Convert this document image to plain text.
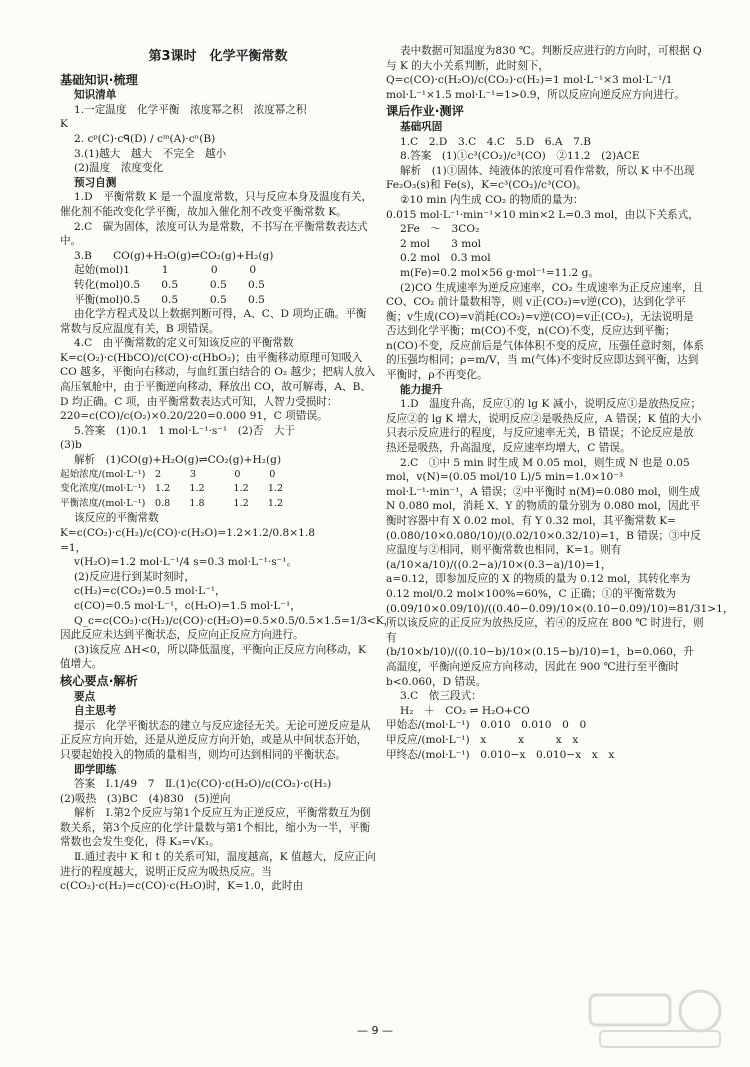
第3课时　化学平衡常数
基础知识·梳理
知识清单
1.一定温度　化学平衡　浓度幂之积　浓度幂之积
K
2. cᵖ(C)·cᑫ(D) / cᵐ(A)·cⁿ(B)
3.(1)越大　越大　不完全　越小
(2)温度　浓度变化
预习自测
1.D　平衡常数 K 是一个温度常数，只与反应本身及温度有关，催化剂不能改变化学平衡，故加入催化剂不改变平衡常数 K。
2.C　碳为固体，浓度可认为是常数，不书写在平衡常数表达式中。
3.B　　CO(g)+H₂O(g)⇌CO₂(g)+H₂(g)
起始(mol)1　　　1　　　　0　　　0
转化(mol)0.5　　0.5　　　0.5　　0.5
平衡(mol)0.5　　0.5　　　0.5　　0.5
由化学方程式及以上数据判断可得，A、C、D 项均正确。平衡常数与反应温度有关，B 项错误。
4.C　由平衡常数的定义可知该反应的平衡常数 K=c(O₂)·c(HbCO)/c(CO)·c(HbO₂)；由平衡移动原理可知吸入 CO 越多，平衡向右移动，与血红蛋白结合的 O₂ 越少；把病人放入高压氧舱中，由于平衡逆向移动，释放出 CO，故可解毒，A、B、D 均正确。C 项，由平衡常数表达式可知，人智力受损时：220=c(CO)/c(O₂)×0.20/220=0.000 91，C 项错误。
5.答案　(1)0.1　1 mol·L⁻¹·s⁻¹　(2)否　大于
(3)b
解析　(1)CO(g)+H₂O(g)⇌CO₂(g)+H₂(g)
起始浓度/(mol·L⁻¹)　2　　　3　　　　0　　　0
变化浓度/(mol·L⁻¹)　1.2　　1.2　　　1.2　　1.2
平衡浓度/(mol·L⁻¹)　0.8　　1.8　　　1.2　　1.2
该反应的平衡常数 K=c(CO₂)·c(H₂)/c(CO)·c(H₂O)=1.2×1.2/0.8×1.8
=1，
v(H₂O)=1.2 mol·L⁻¹/4 s=0.3 mol·L⁻¹·s⁻¹。
(2)反应进行到某时刻时，
c(H₂)=c(CO₂)=0.5 mol·L⁻¹，
c(CO)=0.5 mol·L⁻¹，c(H₂O)=1.5 mol·L⁻¹，
Q_c=c(CO₂)·c(H₂)/c(CO)·c(H₂O)=0.5×0.5/0.5×1.5=1/3<K，因此反应未达到平衡状态，反应向正反应方向进行。
(3)该反应 ΔH<0，所以降低温度，平衡向正反应方向移动，K 值增大。
核心要点·解析
要点
自主思考
提示　化学平衡状态的建立与反应途径无关。无论可逆反应是从正反应方向开始，还是从逆反应方向开始，或是从中间状态开始，只要起始投入的物质的量相当，则均可达到相同的平衡状态。
即学即练
答案　Ⅰ.1/49　7　Ⅱ.(1)c(CO)·c(H₂O)/c(CO₂)·c(H₂)
(2)吸热　(3)BC　(4)830　(5)逆向
解析　Ⅰ.第2个反应与第1个反应互为正逆反应，平衡常数互为倒数关系，第3个反应的化学计量数与第1个相比，缩小为一半，平衡常数也会发生变化，得 K₃=√K₁。
Ⅱ.通过表中 K 和 t 的关系可知，温度越高，K 值越大，反应正向进行的程度越大，说明正反应为吸热反应。当 c(CO₂)·c(H₂)=c(CO)·c(H₂O)时，K=1.0，此时由
表中数据可知温度为830 ℃。判断反应进行的方向时，可根据 Q 与 K 的大小关系判断，此时刻下，Q=c(CO)·c(H₂O)/c(CO₂)·c(H₂)=1 mol·L⁻¹×3 mol·L⁻¹/1 mol·L⁻¹×1.5 mol·L⁻¹=1>0.9，所以反应向逆反应方向进行。
课后作业·测评
基础巩固
1.C　2.D　3.C　4.C　5.D　6.A　7.B
8.答案　(1)①c³(CO₂)/c³(CO)　②11.2　(2)ACE
解析　(1)①固体、纯液体的浓度可看作常数，所以 K 中不出现 Fe₂O₃(s)和 Fe(s)，K=c³(CO₂)/c³(CO)。
②10 min 内生成 CO₂ 的物质的量为：
0.015 mol·L⁻¹·min⁻¹×10 min×2 L=0.3 mol，由以下关系式，
2Fe　～　3CO₂
2 mol　　3 mol
0.2 mol　0.3 mol
m(Fe)=0.2 mol×56 g·mol⁻¹=11.2 g。
(2)CO 生成速率为逆反应速率，CO₂ 生成速率为正反应速率，且 CO、CO₂ 前计量数相等，则 v正(CO₂)=v逆(CO)，达到化学平衡；v生成(CO)=v消耗(CO₂)=v逆(CO)=v正(CO₂)，无法说明是否达到化学平衡；m(CO)不变，n(CO)不变，反应达到平衡；n(CO)不变，反应前后是气体体积不变的反应，压强任意时刻，体系的压强均相同；ρ=m/V，当 m(气体)不变时反应即达到平衡，达到平衡时，ρ不再变化。
能力提升
1.D　温度升高，反应①的 lg K 减小，说明反应①是放热反应；反应②的 lg K 增大，说明反应②是吸热反应，A 错误；K 值的大小只表示反应进行的程度，与反应速率无关，B 错误；不论反应是放热还是吸热，升高温度，反应速率均增大，C 错误。
2.C　①中 5 min 时生成 M 0.05 mol，则生成 N 也是 0.05 mol，v(N)=(0.05 mol/10 L)/5 min=1.0×10⁻³ mol·L⁻¹·min⁻¹，A 错误；②中平衡时 n(M)=0.080 mol，则生成 N 0.080 mol，消耗 X、Y 的物质的量分别为 0.080 mol，因此平衡时容器中有 X 0.02 mol、有 Y 0.32 mol，其平衡常数 K=(0.080/10×0.080/10)/(0.02/10×0.32/10)=1，B 错误；③中反应温度与②相同，则平衡常数也相同，K=1。则有 (a/10×a/10)/((0.2−a)/10×(0.3−a)/10)=1，
a=0.12，即参加反应的 X 的物质的量为 0.12 mol，其转化率为 0.12 mol/0.2 mol×100%=60%，C 正确；①的平衡常数为
(0.09/10×0.09/10)/((0.40−0.09)/10×(0.10−0.09)/10)=81/31>1，所以该反应的正反应为放热反应，若④的反应在 800 ℃ 时进行，则有
(b/10×b/10)/((0.10−b)/10×(0.15−b)/10)=1，b=0.060，升高温度，平衡向逆反应方向移动，因此在 900 ℃进行至平衡时 b<0.060，D 错误。
3.C　依三段式：
H₂　＋　CO₂ ⇌ H₂O+CO
甲始态/(mol·L⁻¹)　0.010　0.010　0　0
甲反应/(mol·L⁻¹)　x　　　x　　　x　x
甲终态/(mol·L⁻¹)　0.010−x　0.010−x　x　x
— 9 —
